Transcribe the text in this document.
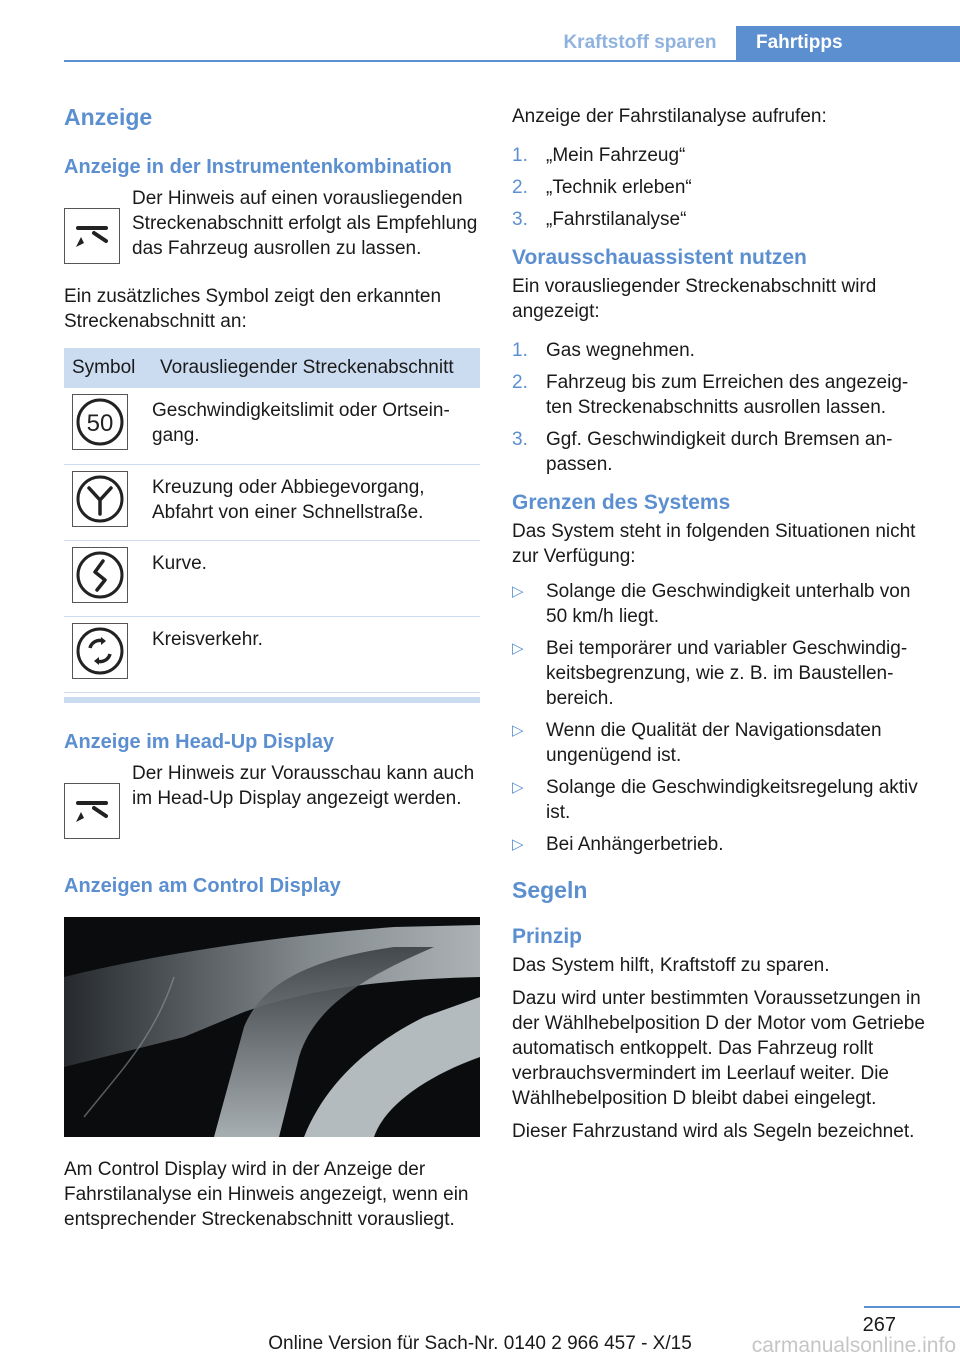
Kraftstoff sparen	Fahrtipps
Anzeige
Anzeige in der Instrumentenkombination
Der Hinweis auf einen vorausliegenden Streckenabschnitt erfolgt als Empfehlung das Fahrzeug ausrollen zu lassen.
Ein zusätzliches Symbol zeigt den erkannten Streckenabschnitt an:
Symbol	Vorausliegender Streckenabschnitt

50	Geschwindigkeitslimit oder Ortseingang.

	Kreuzung oder Abbiegevorgang, Abfahrt von einer Schnellstraße.

	Kurve.

	Kreisverkehr.
Anzeige im Head-Up Display
Der Hinweis zur Vorausschau kann auch im Head-Up Display angezeigt werden.
Anzeigen am Control Display
Am Control Display wird in der Anzeige der Fahrstilanalyse ein Hinweis angezeigt, wenn ein entsprechender Streckenabschnitt vorausliegt.
Anzeige der Fahrstilanalyse aufrufen:
1. „Mein Fahrzeug“
2. „Technik erleben“
3. „Fahrstilanalyse“
Vorausschauassistent nutzen
Ein vorausliegender Streckenabschnitt wird angezeigt:
1. Gas wegnehmen.
2. Fahrzeug bis zum Erreichen des angezeigten Streckenabschnitts ausrollen lassen.
3. Ggf. Geschwindigkeit durch Bremsen anpassen.
Grenzen des Systems
Das System steht in folgenden Situationen nicht zur Verfügung:
▷	Solange die Geschwindigkeit unterhalb von 50 km/h liegt.
▷	Bei temporärer und variabler Geschwindigkeitsbegrenzung, wie z. B. im Baustellenbereich.
▷	Wenn die Qualität der Navigationsdaten ungenügend ist.
▷	Solange die Geschwindigkeitsregelung aktiv ist.
▷	Bei Anhängerbetrieb.
Segeln
Prinzip
Das System hilft, Kraftstoff zu sparen.
Dazu wird unter bestimmten Voraussetzungen in der Wählhebelposition D der Motor vom Getriebe automatisch entkoppelt. Das Fahrzeug rollt verbrauchsvermindert im Leerlauf weiter. Die Wählhebelposition D bleibt dabei eingelegt.
Dieser Fahrzustand wird als Segeln bezeichnet.
267
Online Version für Sach-Nr. 0140 2 966 457 - X/15	carmanualsonline.info
